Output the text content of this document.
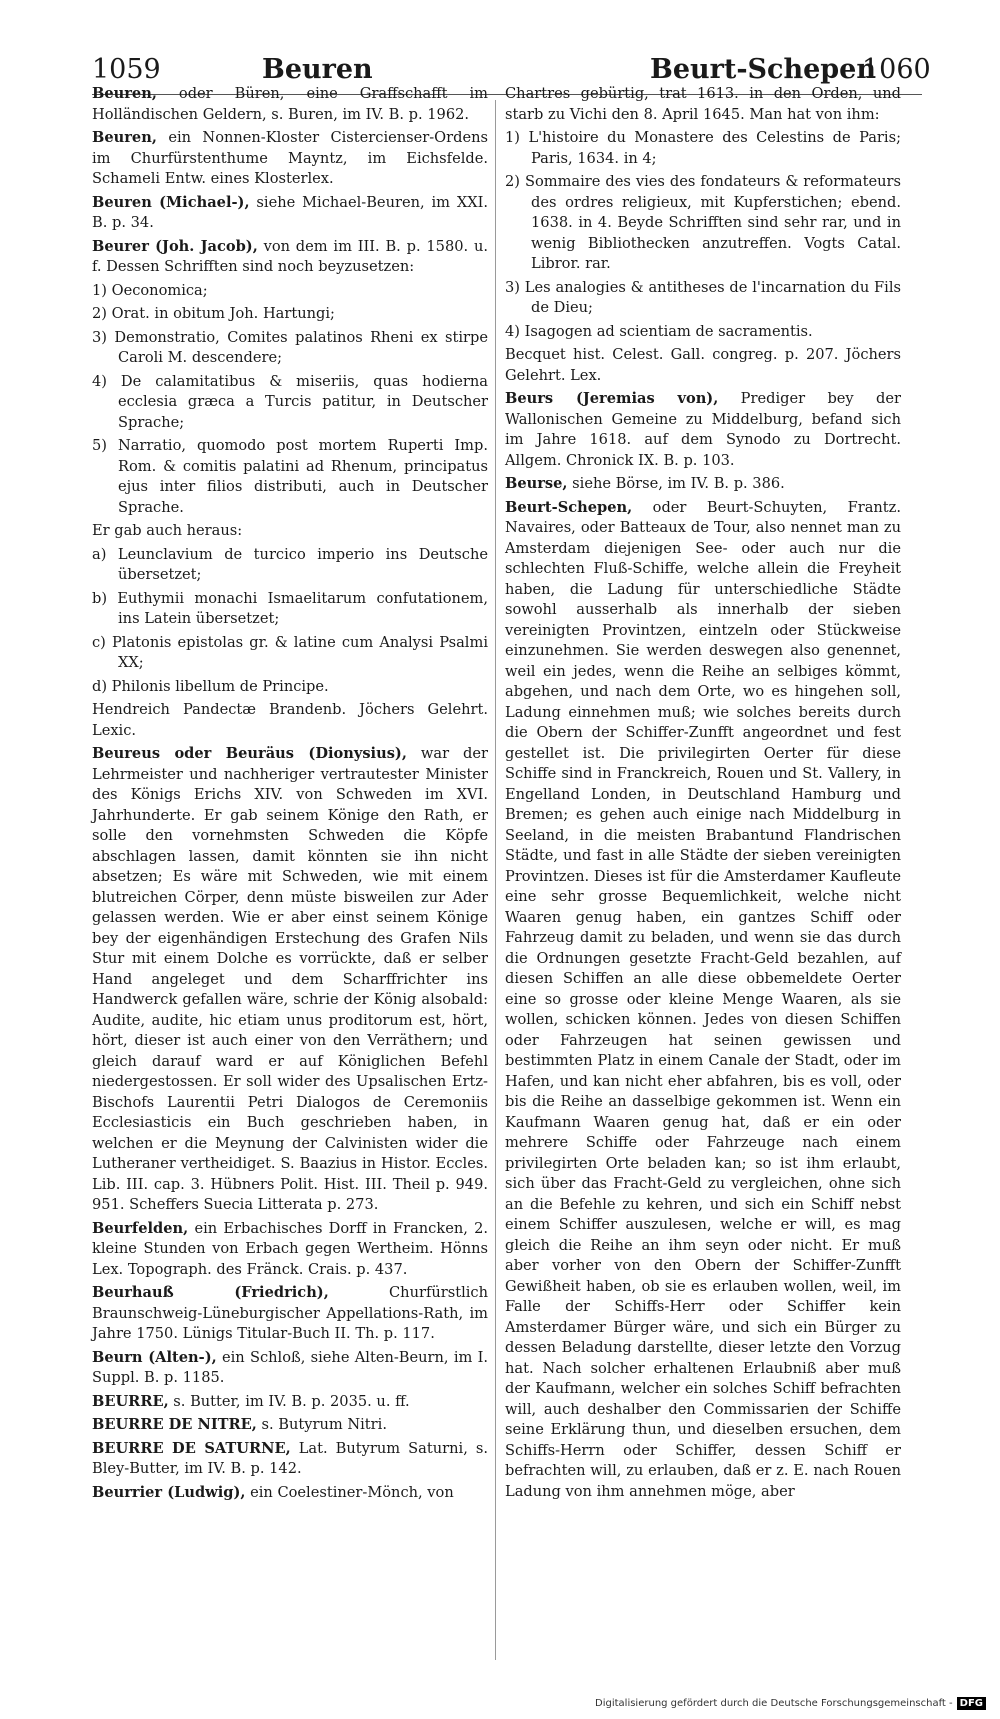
1059	Beuren	Beurt-Schepen
1060

Beuren, oder Büren, eine Graffschafft im Holländischen Geldern, s. Buren, im IV. B. p. 1962.

Beuren, ein Nonnen-Kloster Cistercienser-Ordens im Churfürstenthume Mayntz, im Eichsfelde. Schameli Entw. eines Klosterlex.

Beuren (Michael-), siehe Michael-Beuren, im XXI. B. p. 34.

Beurer (Joh. Jacob), von dem im III. B. p. 1580. u. f. Dessen Schrifften sind noch beyzusetzen:

1) Oeconomica;

2) Orat. in obitum Joh. Hartungi;

3) Demonstratio, Comites palatinos Rheni ex stirpe Caroli M. descendere;

4) De calamitatibus & miseriis, quas hodierna ecclesia græca a Turcis patitur, in Deutscher Sprache;

5) Narratio, quomodo post mortem Ruperti Imp. Rom. & comitis palatini ad Rhenum, principatus ejus inter filios distributi, auch in Deutscher Sprache.

Er gab auch heraus:

a) Leunclavium de turcico imperio ins Deutsche übersetzet;

b) Euthymii monachi Ismaelitarum confutationem, ins Latein übersetzet;

c) Platonis epistolas gr. & latine cum Analysi Psalmi XX;

d) Philonis libellum de Principe.

Hendreich Pandectæ Brandenb. Jöchers Gelehrt. Lexic.

Beureus oder Beuräus (Dionysius), war der Lehrmeister und nachheriger vertrautester Minister des Königs Erichs XIV. von Schweden im XVI. Jahrhunderte. Er gab seinem Könige den Rath, er solle den vornehmsten Schweden die Köpfe abschlagen lassen, damit könnten sie ihn nicht absetzen; Es wäre mit Schweden, wie mit einem blutreichen Cörper, denn müste bisweilen zur Ader gelassen werden. Wie er aber einst seinem Könige bey der eigenhändigen Erstechung des Grafen Nils Stur mit einem Dolche es vorrückte, daß er selber Hand angeleget und dem Scharffrichter ins Handwerck gefallen wäre, schrie der König alsobald: Audite, audite, hic etiam unus proditorum est, hört, hört, dieser ist auch einer von den Verräthern; und gleich darauf ward er auf Königlichen Befehl niedergestossen. Er soll wider des Upsalischen Ertz-Bischofs Laurentii Petri Dialogos de Ceremoniis Ecclesiasticis ein Buch geschrieben haben, in welchen er die Meynung der Calvinisten wider die Lutheraner vertheidiget. S. Baazius in Histor. Eccles. Lib. III. cap. 3. Hübners Polit. Hist. III. Theil p. 949. 951. Scheffers Suecia Litterata p. 273.

Beurfelden, ein Erbachisches Dorff in Francken, 2. kleine Stunden von Erbach gegen Wertheim. Hönns Lex. Topograph. des Fränck. Crais. p. 437.

Beurhauß (Friedrich),	Churfürstlich Braunschweig-Lüneburgischer Appellations-Rath, im Jahre 1750. Lünigs Titular-Buch II. Th. p. 117.

Beurn (Alten-), ein Schloß, siehe Alten-Beurn, im I. Suppl. B. p. 1185.

BEURRE, s. Butter, im IV. B. p. 2035. u. ff.

BEURRE DE NITRE, s. Butyrum Nitri.

BEURRE DE SATURNE, Lat. Butyrum Saturni, s. Bley-Butter, im IV. B. p. 142.

Beurrier (Ludwig), ein Coelestiner-Mönch, von

Chartres gebürtig, trat 1613. in den Orden, und starb zu Vichi den 8. April 1645. Man hat von ihm:

1) L'histoire du Monastere des Celestins de Paris; Paris, 1634. in 4;

2) Sommaire des vies des fondateurs & reformateurs des ordres religieux, mit Kupferstichen; ebend. 1638. in 4. Beyde Schrifften sind sehr rar, und in wenig Bibliothecken anzutreffen. Vogts Catal. Libror. rar.

3) Les analogies & antitheses de l'incarnation du Fils de Dieu;

4) Isagogen ad scientiam de sacramentis.

Becquet hist. Celest. Gall. congreg. p. 207. Jöchers Gelehrt. Lex.

Beurs (Jeremias von), Prediger bey der Wallonischen Gemeine zu Middelburg, befand sich im Jahre 1618. auf dem Synodo zu Dortrecht. Allgem. Chronick IX. B. p. 103.

Beurse, siehe Börse, im IV. B. p. 386.

Beurt-Schepen, oder Beurt-Schuyten, Frantz. Navaires, oder Batteaux de Tour, also nennet man zu Amsterdam diejenigen See- oder auch nur die schlechten Fluß-Schiffe, welche allein die Freyheit haben, die Ladung für unterschiedliche Städte sowohl ausserhalb als innerhalb der sieben vereinigten Provintzen, eintzeln oder Stückweise einzunehmen. Sie werden deswegen also genennet, weil ein jedes, wenn die Reihe an selbiges kömmt, abgehen, und nach dem Orte, wo es hingehen soll, Ladung einnehmen muß; wie solches bereits durch die Obern der Schiffer-Zunfft angeordnet und fest gestellet ist. Die privilegirten Oerter für diese Schiffe sind in Franckreich, Rouen und St. Vallery, in Engelland Londen, in Deutschland Hamburg und Bremen; es gehen auch einige nach Middelburg in Seeland, in die meisten Brabantund Flandrischen Städte, und fast in alle Städte der sieben vereinigten Provintzen. Dieses ist für die Amsterdamer Kaufleute eine sehr grosse Bequemlichkeit, welche nicht Waaren genug haben, ein gantzes Schiff oder Fahrzeug damit zu beladen, und wenn sie das durch die Ordnungen gesetzte Fracht-Geld bezahlen, auf diesen Schiffen an alle diese obbemeldete Oerter eine so grosse oder kleine Menge Waaren, als sie wollen, schicken können. Jedes von diesen Schiffen oder Fahrzeugen hat seinen gewissen und bestimmten Platz in einem Canale der Stadt, oder im Hafen, und kan nicht eher abfahren, bis es voll, oder bis die Reihe an dasselbige gekommen ist. Wenn ein Kaufmann Waaren genug hat, daß er ein oder mehrere Schiffe oder Fahrzeuge nach einem privilegirten Orte beladen kan; so ist ihm erlaubt, sich über das Fracht-Geld zu vergleichen, ohne sich an die Befehle zu kehren, und sich ein Schiff nebst einem Schiffer auszulesen, welche er will, es mag gleich die Reihe an ihm seyn oder nicht. Er muß aber vorher von den Obern der Schiffer-Zunfft Gewißheit haben, ob sie es erlauben wollen, weil, im Falle der Schiffs-Herr oder Schiffer kein Amsterdamer Bürger wäre, und sich ein Bürger zu dessen Beladung darstellte, dieser letzte den Vorzug hat. Nach solcher erhaltenen Erlaubniß aber muß der Kaufmann, welcher ein solches Schiff befrachten will, auch deshalber den Commissarien der Schiffe seine Erklärung thun, und dieselben ersuchen, dem Schiffs-Herrn oder Schiffer, dessen Schiff er befrachten will, zu erlauben, daß er z. E. nach Rouen Ladung von ihm annehmen möge, aber

Digitalisierung gefördert durch die Deutsche Forschungsgemeinschaft - DFG
